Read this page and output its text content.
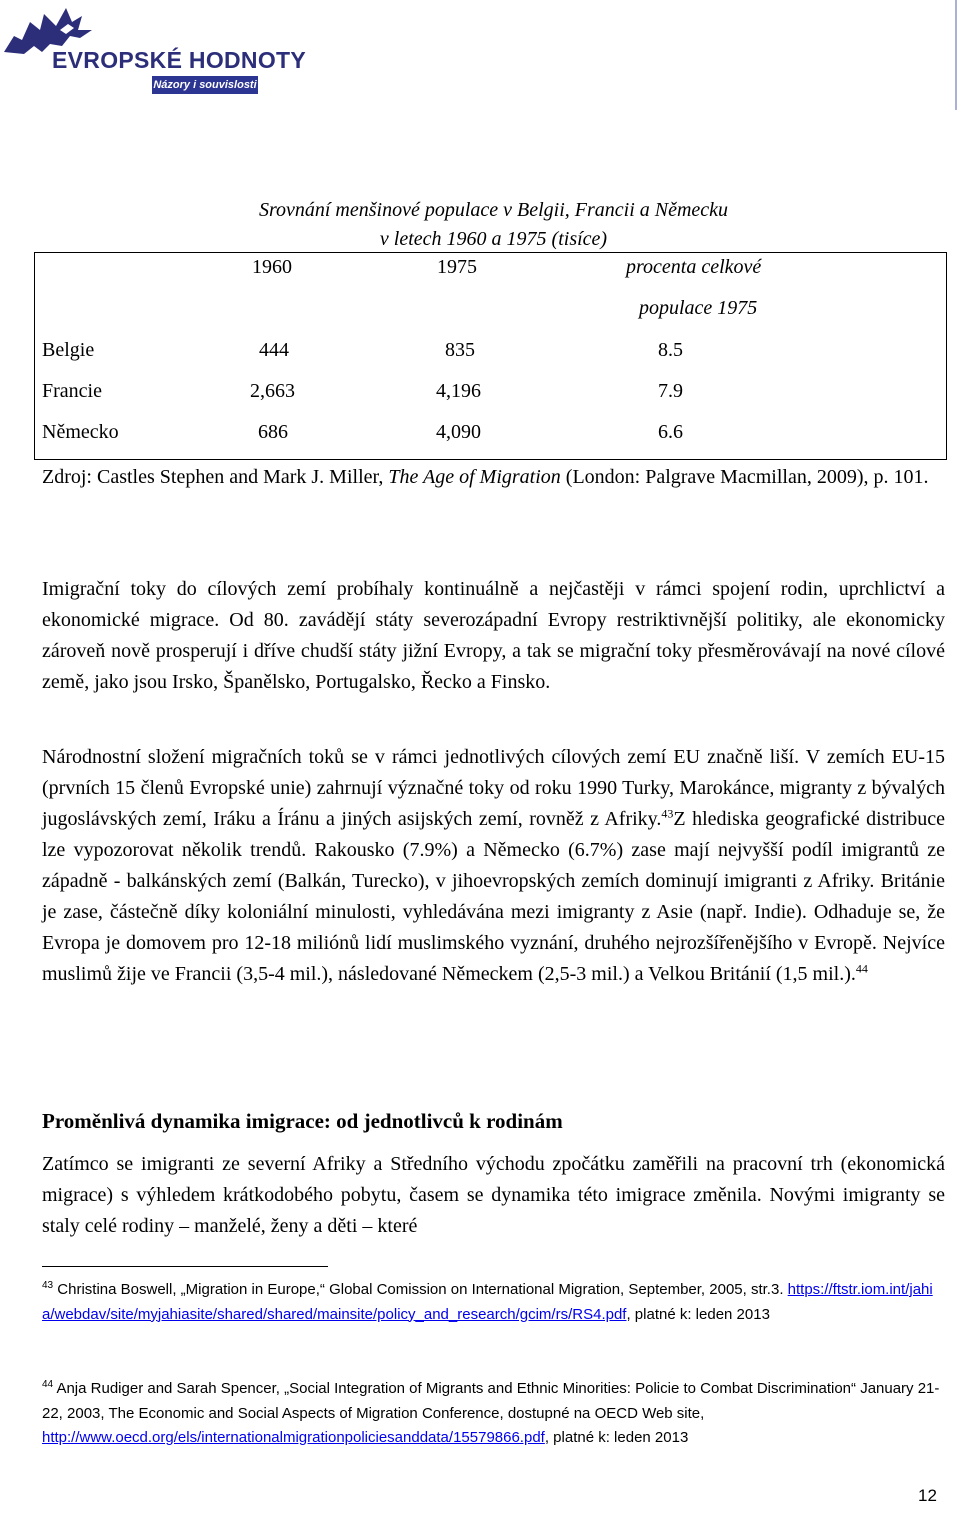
EVROPSKÉ HODNOTY
Názory i souvislosti
Srovnání menšinové populace v Belgii, Francii a Německu
v letech 1960 a 1975 (tisíce)
1960	1975	procenta celkové
populace 1975
Belgie	444	835	8.5
Francie	2,663	4,196	7.9
Německo	686	4,090	6.6
Zdroj: Castles Stephen and Mark J. Miller, The Age of Migration (London: Palgrave Macmillan, 2009), p. 101.
Imigrační toky do cílových zemí probíhaly kontinuálně a nejčastěji v rámci spojení rodin, uprchlictví a ekonomické migrace. Od 80. zavádějí státy severozápadní Evropy restriktivnější politiky, ale ekonomicky zároveň nově prosperují i dříve chudší státy jižní Evropy, a tak se migrační toky přesměrovávají na nové cílové země, jako jsou Irsko, Španělsko, Portugalsko, Řecko a Finsko.
Národnostní složení migračních toků se v rámci jednotlivých cílových zemí EU značně liší. V zemích EU-15 (prvních 15 členů Evropské unie) zahrnují význačné toky od roku 1990 Turky, Marokánce, migranty z bývalých jugoslávských zemí, Iráku a Íránu a jiných asijských zemí, rovněž z Afriky.$^{43}$Z hlediska geografické distribuce lze vypozorovat několik trendů. Rakousko (7.9%) a Německo (6.7%) zase mají nejvyšší podíl imigrantů ze západně - balkánských zemí (Balkán, Turecko), v jihoevropských zemích dominují imigranti z Afriky. Británie je zase, částečně díky koloniální minulosti, vyhledávána mezi imigranty z Asie (např. Indie). Odhaduje se, že Evropa je domovem pro 12-18 miliónů lidí muslimského vyznání, druhého nejrozšířenějšího v Evropě. Nejvíce muslimů žije ve Francii (3,5-4 mil.), následované Německem (2,5-3 mil.) a Velkou Británií (1,5 mil.).$^{44}$
Proměnlivá dynamika imigrace: od jednotlivců k rodinám
Zatímco se imigranti ze severní Afriky a Středního východu zpočátku zaměřili na pracovní trh (ekonomická migrace) s výhledem krátkodobého pobytu, časem se dynamika této imigrace změnila. Novými imigranty se staly celé rodiny – manželé, ženy a děti – které
$^{43}$ Christina Boswell, „Migration in Europe,“ Global Comission on International Migration, September, 2005, str.3. https://ftstr.iom.int/jahia/webdav/site/myjahiasite/shared/shared/mainsite/policy_and_research/gcim/rs/RS4.pdf, platné k: leden 2013
$^{44}$ Anja Rudiger and Sarah Spencer, „Social Integration of Migrants and Ethnic Minorities: Policie to Combat Discrimination“ January 21-22, 2003, The Economic and Social Aspects of Migration Conference, dostupné na OECD Web site, http://www.oecd.org/els/internationalmigrationpoliciesanddata/15579866.pdf, platné k: leden 2013
12
